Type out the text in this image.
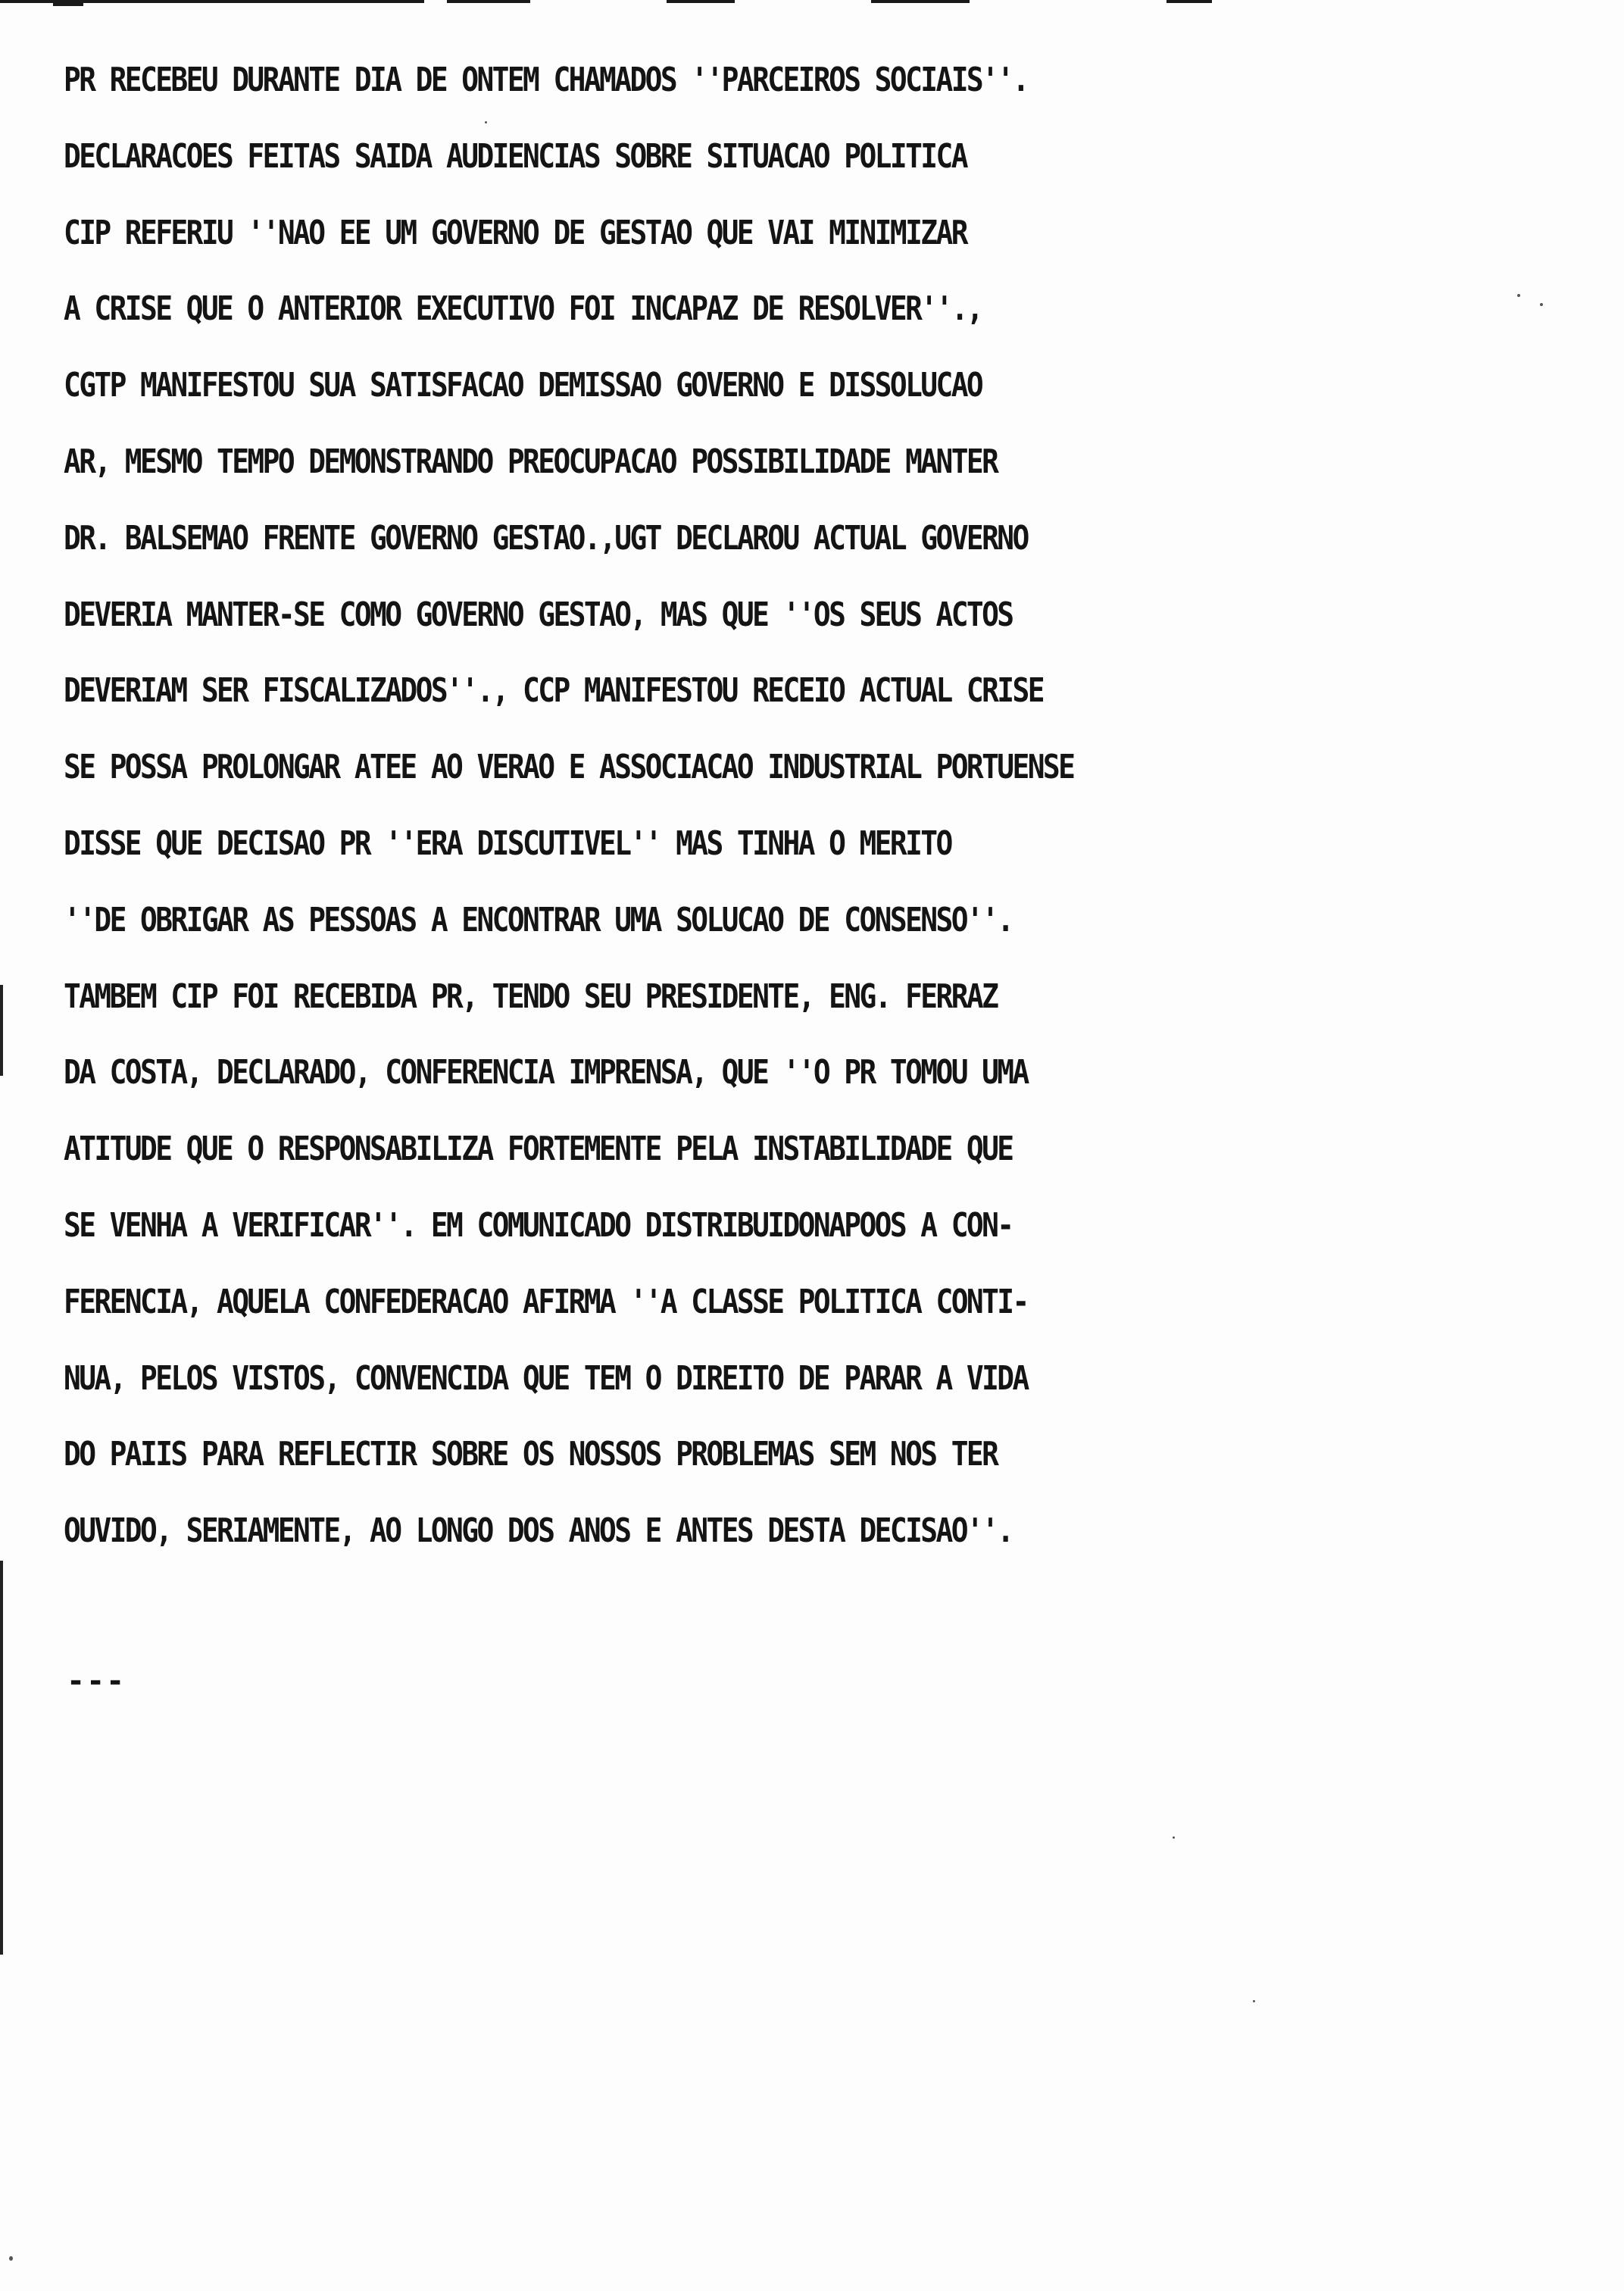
PR RECEBEU DURANTE DIA DE ONTEM CHAMADOS ''PARCEIROS SOCIAIS''.
DECLARACOES FEITAS SAIDA AUDIENCIAS SOBRE SITUACAO POLITICA
CIP REFERIU ''NAO EE UM GOVERNO DE GESTAO QUE VAI MINIMIZAR
A CRISE QUE O ANTERIOR EXECUTIVO FOI INCAPAZ DE RESOLVER''.,
CGTP MANIFESTOU SUA SATISFACAO DEMISSAO GOVERNO E DISSOLUCAO
AR, MESMO TEMPO DEMONSTRANDO PREOCUPACAO POSSIBILIDADE MANTER
DR. BALSEMAO FRENTE GOVERNO GESTAO.,UGT DECLAROU ACTUAL GOVERNO
DEVERIA MANTER-SE COMO GOVERNO GESTAO, MAS QUE ''OS SEUS ACTOS
DEVERIAM SER FISCALIZADOS''., CCP MANIFESTOU RECEIO ACTUAL CRISE
SE POSSA PROLONGAR ATEE AO VERAO E ASSOCIACAO INDUSTRIAL PORTUENSE
DISSE QUE DECISAO PR ''ERA DISCUTIVEL'' MAS TINHA O MERITO
''DE OBRIGAR AS PESSOAS A ENCONTRAR UMA SOLUCAO DE CONSENSO''.
TAMBEM CIP FOI RECEBIDA PR, TENDO SEU PRESIDENTE, ENG. FERRAZ
DA COSTA, DECLARADO, CONFERENCIA IMPRENSA, QUE ''O PR TOMOU UMA
ATITUDE QUE O RESPONSABILIZA FORTEMENTE PELA INSTABILIDADE QUE
SE VENHA A VERIFICAR''. EM COMUNICADO DISTRIBUIDONAPOOS A CON-
FERENCIA, AQUELA CONFEDERACAO AFIRMA ''A CLASSE POLITICA CONTI-
NUA, PELOS VISTOS, CONVENCIDA QUE TEM O DIREITO DE PARAR A VIDA
DO PAIIS PARA REFLECTIR SOBRE OS NOSSOS PROBLEMAS SEM NOS TER
OUVIDO, SERIAMENTE, AO LONGO DOS ANOS E ANTES DESTA DECISAO''.
---
